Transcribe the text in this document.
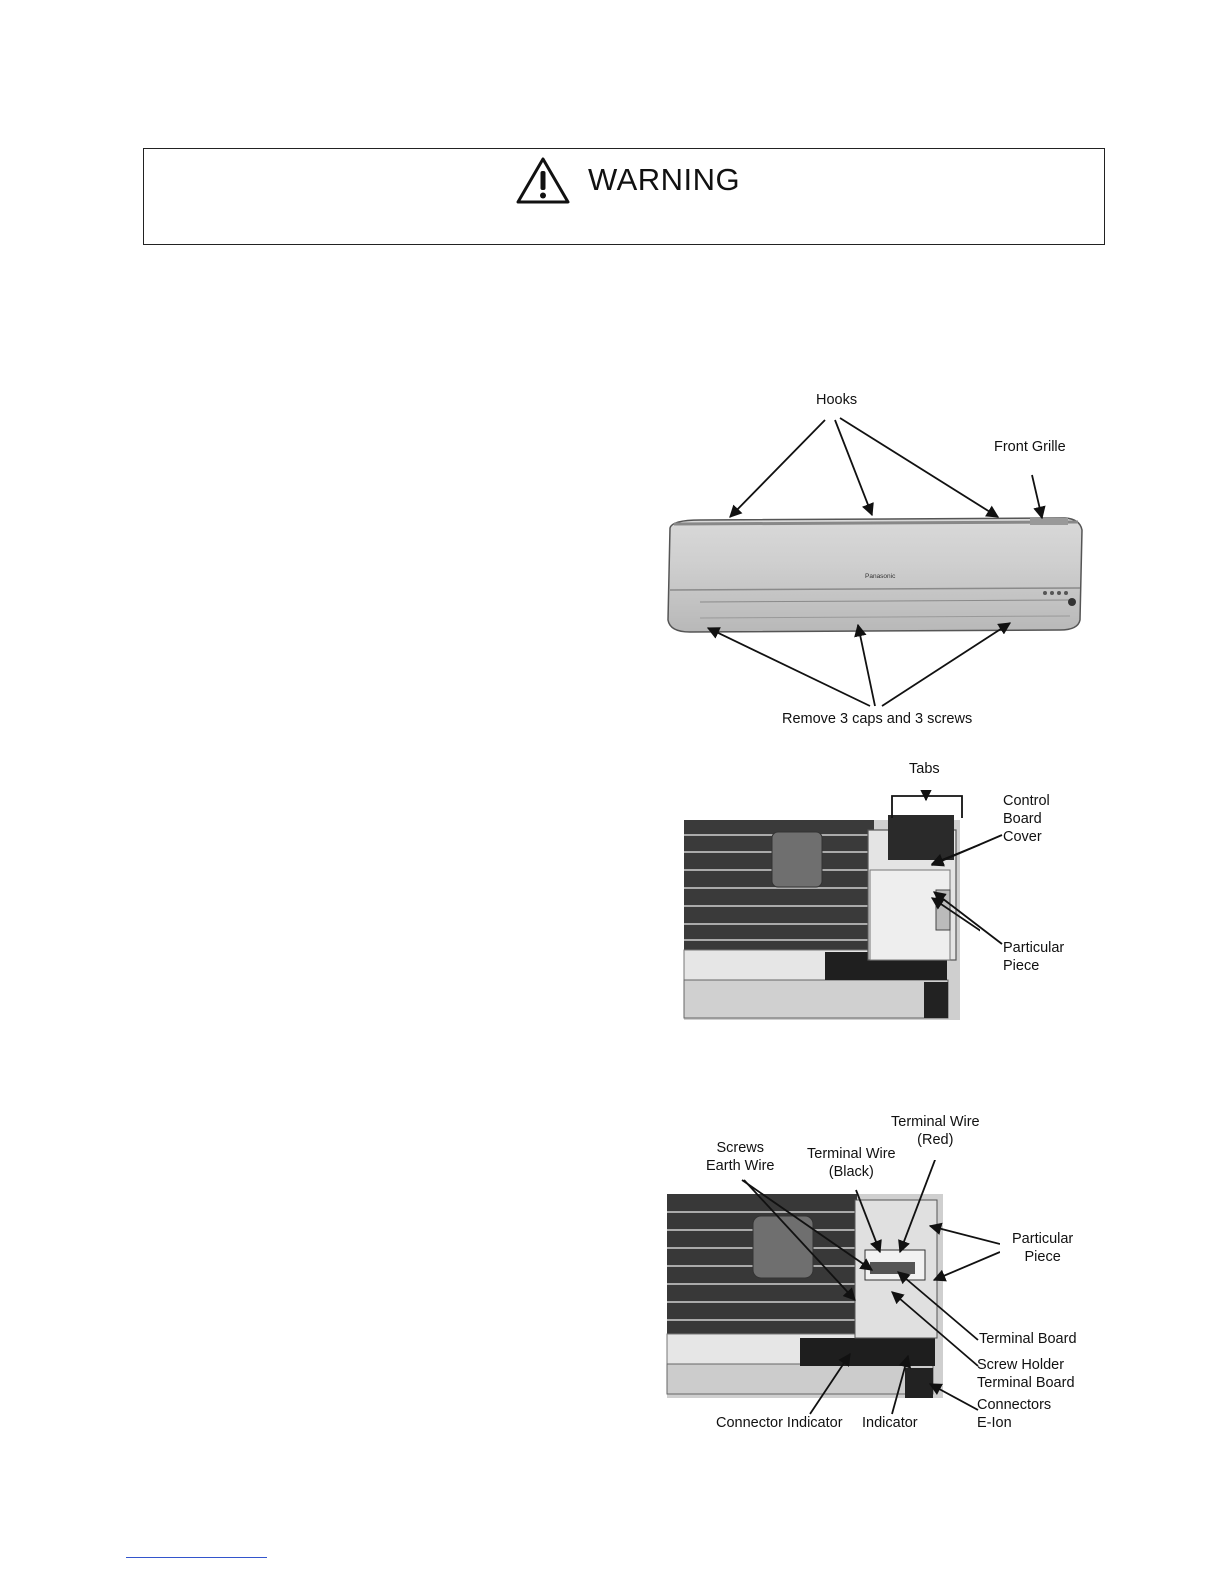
WARNING
Panasonic
Hooks
Front Grille
Remove 3 caps and 3 screws
Tabs
Control
Board
Cover
Particular
Piece
Terminal Wire
(Red)
Screws
Earth Wire
Terminal Wire
(Black)
Particular
Piece
Terminal Board
Screw Holder
Terminal Board
Connectors
E-Ion
Connector Indicator Indicator
